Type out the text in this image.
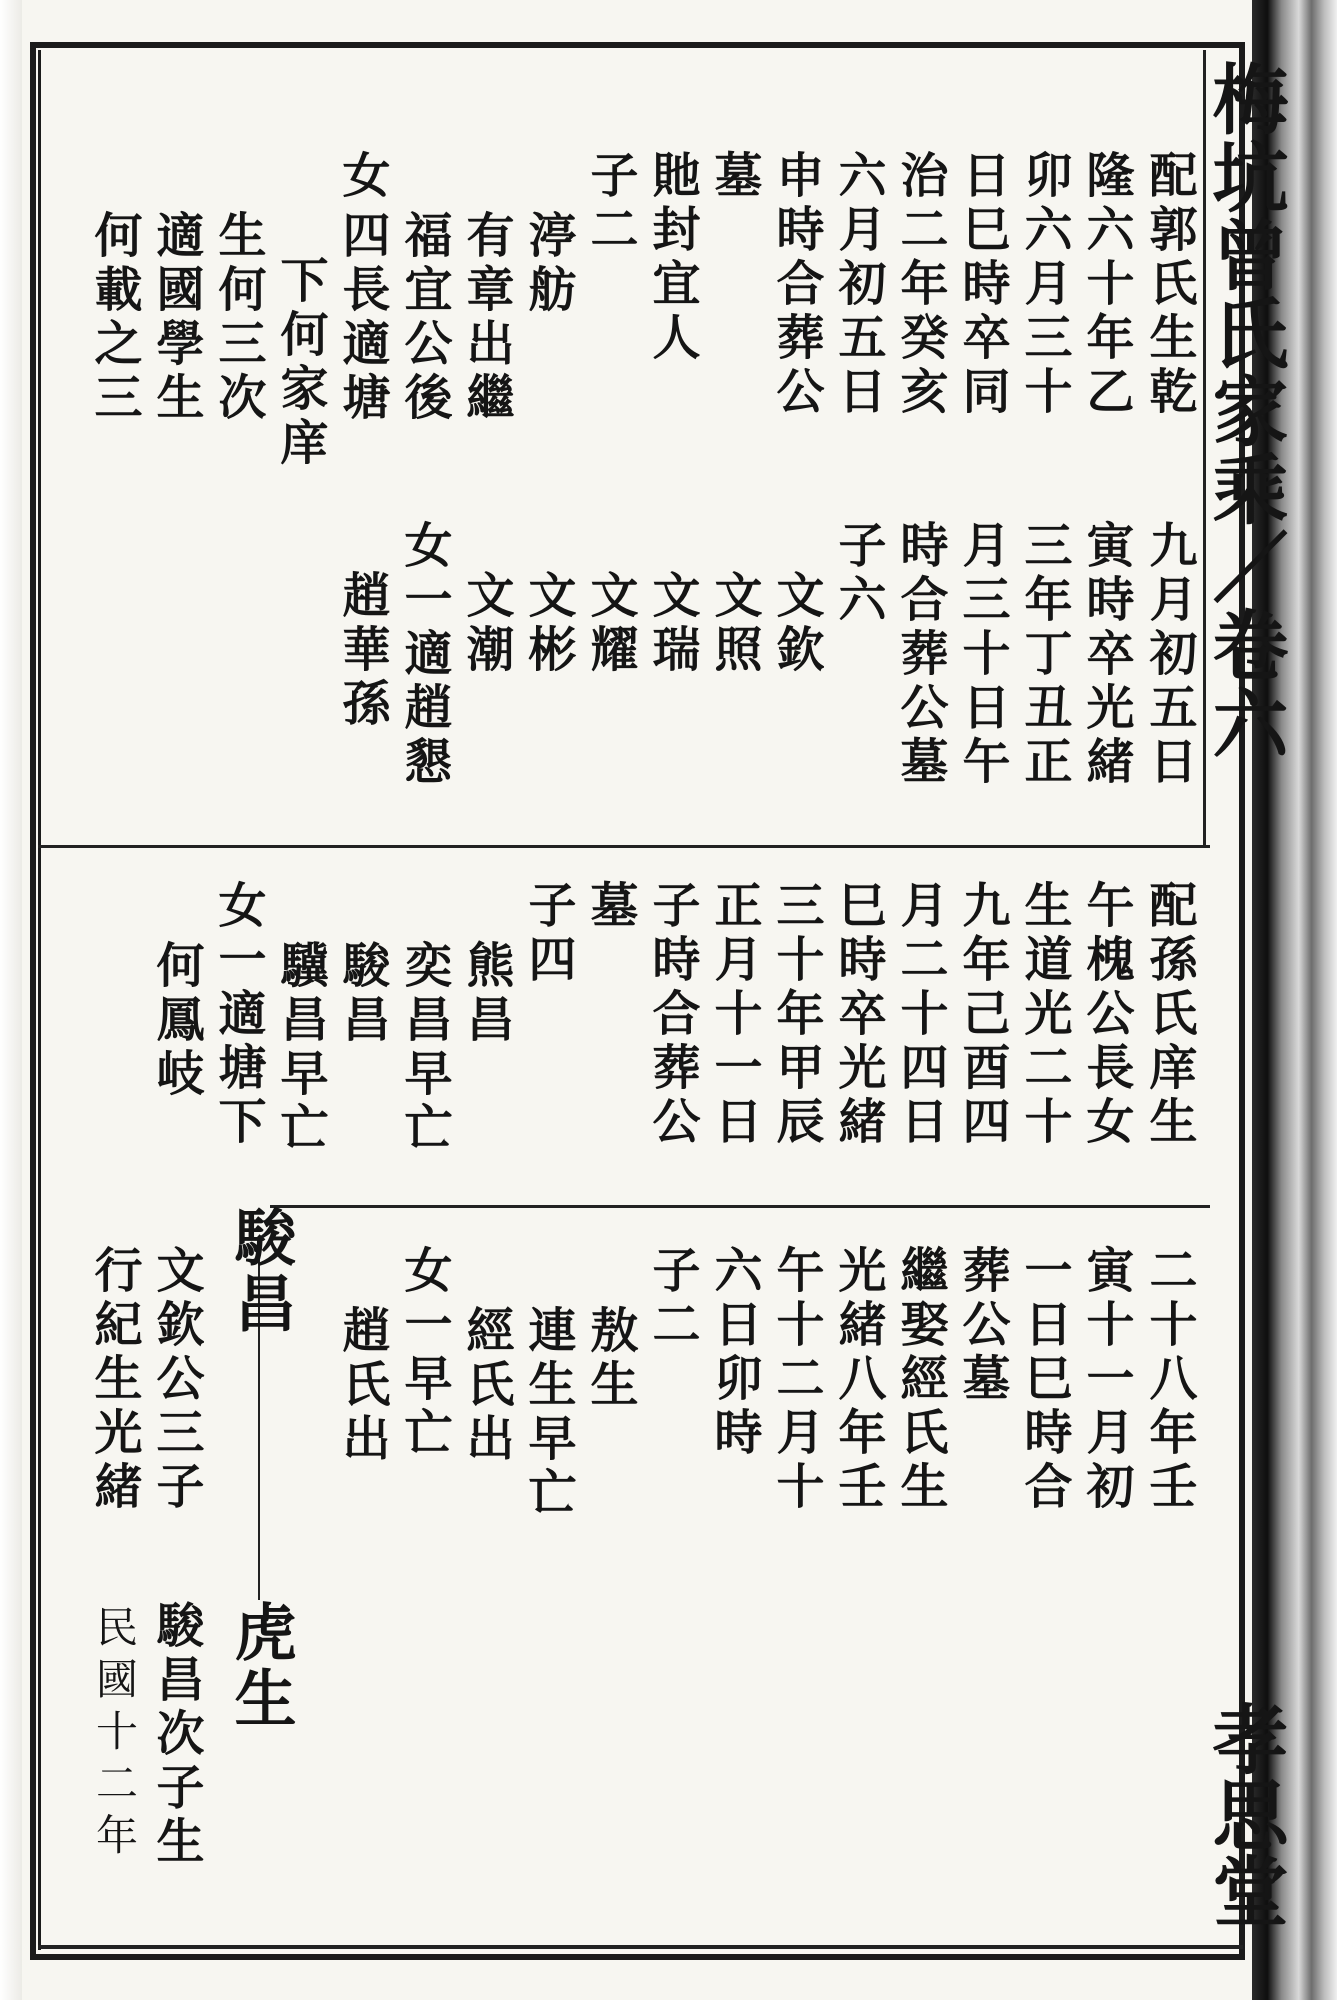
梅坑曾氏家乘／卷六
孝思堂
配郭氏生乾
隆六十年乙
卯六月三十
日巳時卒同
治二年癸亥
六月初五日
申時合葬公
墓
貤封宜人
子二
渟舫
有章出繼
福宜公後
女
四長適塘
下何家庠
生何三次
適國學生
何載之三
九月初五日
寅時卒光緒
三年丁丑正
月三十日午
時合葬公墓
子六
文欽
文照
文瑞
文耀
文彬
文潮
女一適趙懇
趙華孫
配孫氏庠生
午槐公長女
生道光二十
九年己酉四
月二十四日
巳時卒光緒
三十年甲辰
正月十一日
子時合葬公
墓
子四
熊昌
奕昌早亡
駿昌
驥昌早亡
女一適塘下
何鳳岐
二十八年壬
寅十一月初
一日巳時合
葬公墓
繼娶經氏生
光緒八年壬
午十二月十
六日卯時
子二
敖生
連生早亡
經氏出
女一早亡
趙氏出
駿昌
虎生
文欽公三子
行紀生光緒
駿昌次子生
民國十二年
